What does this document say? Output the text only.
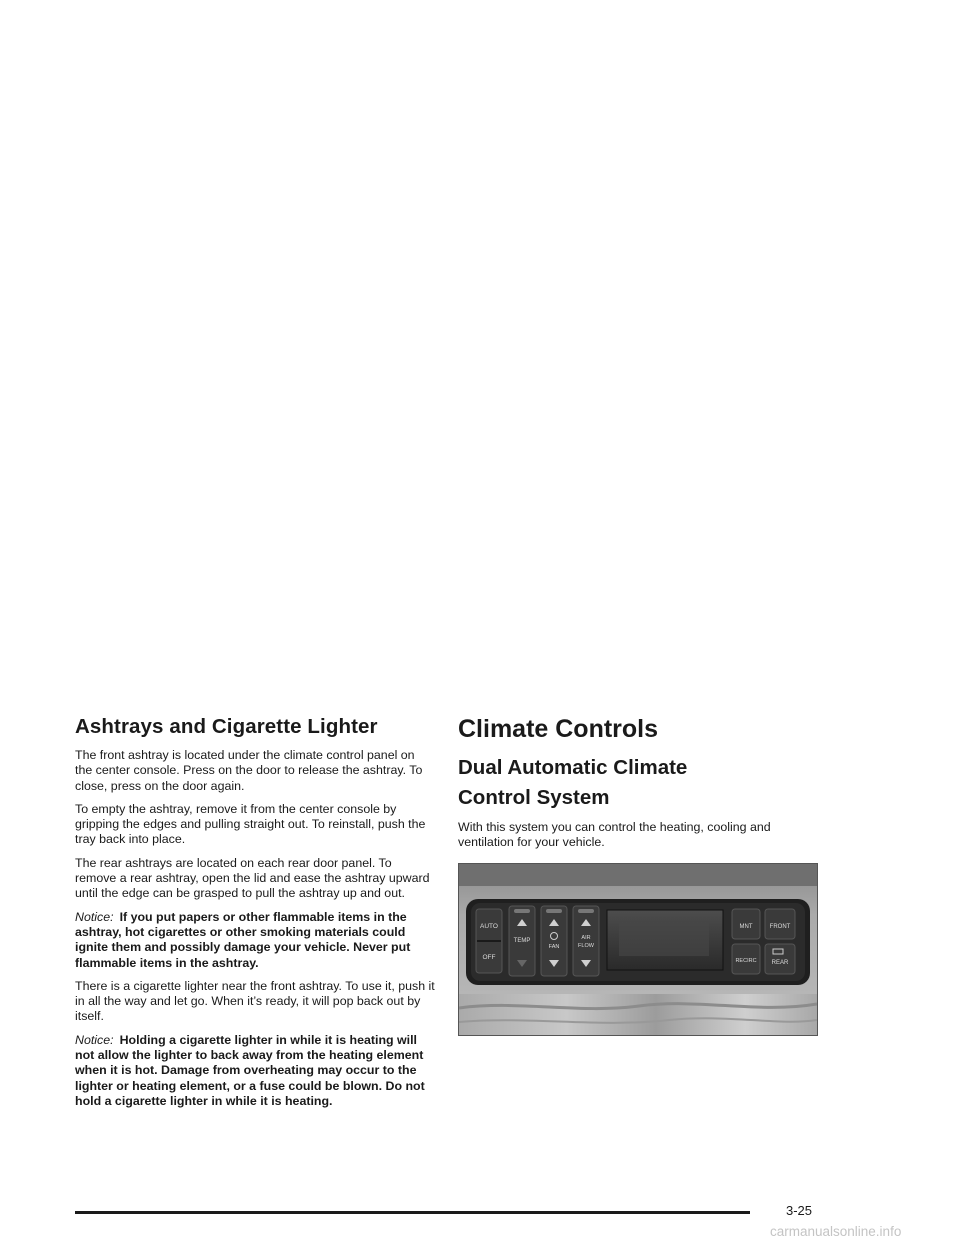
Ashtrays and Cigarette Lighter

The front ashtray is located under the climate control panel on the center console. Press on the door to release the ashtray. To close, press on the door again.

To empty the ashtray, remove it from the center console by gripping the edges and pulling straight out. To reinstall, push the tray back into place.

The rear ashtrays are located on each rear door panel. To remove a rear ashtray, open the lid and ease the ashtray upward until the edge can be grasped to pull the ashtray up and out.

Notice: If you put papers or other flammable items in the ashtray, hot cigarettes or other smoking materials could ignite them and possibly damage your vehicle. Never put flammable items in the ashtray.

There is a cigarette lighter near the front ashtray. To use it, push it in all the way and let go. When it’s ready, it will pop back out by itself.

Notice: Holding a cigarette lighter in while it is heating will not allow the lighter to back away from the heating element when it is hot. Damage from overheating may occur to the lighter or heating element, or a fuse could be blown. Do not hold a cigarette lighter in while it is heating.

Climate Controls
Dual Automatic Climate
Control System

With this system you can control the heating, cooling and ventilation for your vehicle.

AUTO
OFF
TEMP
FAN
AIR
FLOW
MNT	FRONT
RECIRC	REAR
3-25
carmanualsonline.info
